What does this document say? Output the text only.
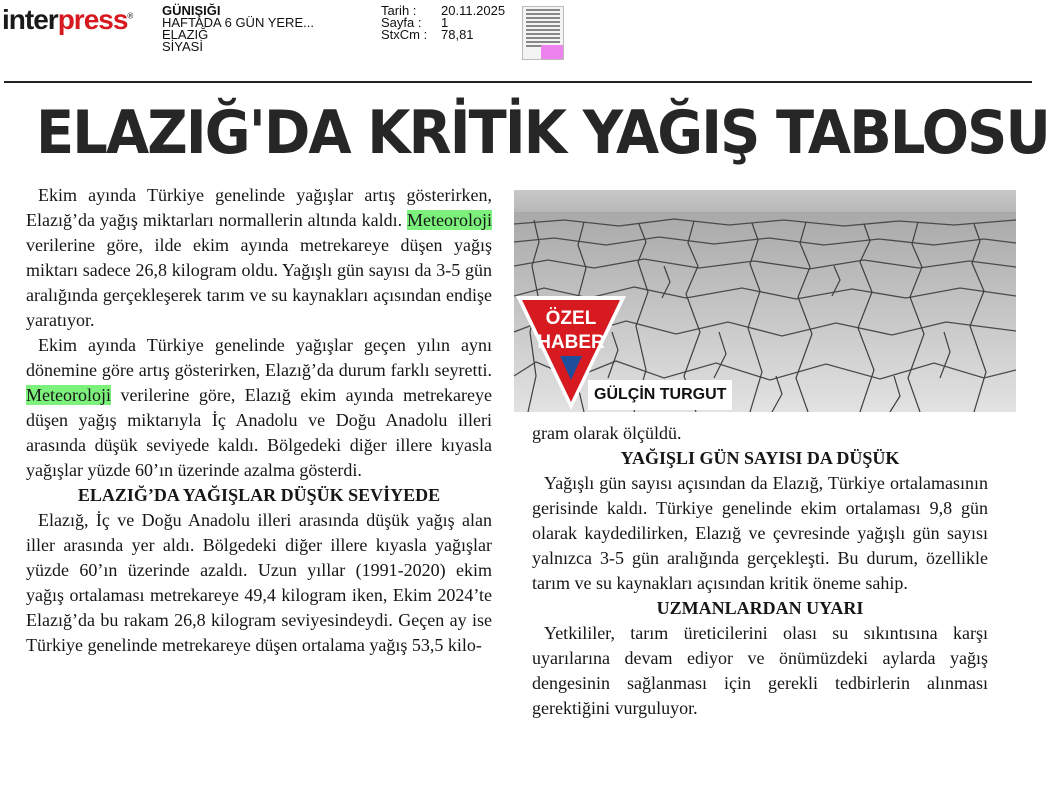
interpress® GÜNIŞIĞI
HAFTADA 6 GÜN YERE...
ELAZIĞ
SİYASİ
Tarih :	20.11.2025
Sayfa :	1
StxCm :	78,81
ELAZIĞ'DA KRİTİK YAĞIŞ TABLOSU

Ekim ayında Türkiye genelinde yağışlar artış gösterirken, Elazığ’da yağış miktarları normallerin altında kaldı. Meteoroloji verilerine göre, ilde ekim ayında metrekareye düşen yağış miktarı sadece 26,8 kilogram oldu. Yağışlı gün sayısı da 3-5 gün aralığında gerçekleşerek tarım ve su kaynakları açısından endişe yaratıyor.

Ekim ayında Türkiye genelinde yağışlar geçen yılın aynı dönemine göre artış gösterirken, Elazığ’da durum farklı seyretti. Meteoroloji verilerine göre, Elazığ ekim ayında metrekareye düşen yağış miktarıyla İç Anadolu ve Doğu Anadolu illeri arasında düşük seviyede kaldı. Bölgedeki diğer illere kıyasla yağışlar yüzde 60’ın üzerinde azalma gösterdi.

ELAZIĞ’DA YAĞIŞLAR DÜŞÜK SEVİYEDE

Elazığ, İç ve Doğu Anadolu illeri arasında düşük yağış alan iller arasında yer aldı. Bölgedeki diğer illere kıyasla yağışlar yüzde 60’ın üzerinde azaldı. Uzun yıllar (1991-2020) ekim yağış ortalaması metrekareye 49,4 kilogram iken, Ekim 2024’te Elazığ’da bu rakam 26,8 kilogram seviyesindeydi. Geçen ay ise Türkiye genelinde metrekareye düşen ortalama yağış 53,5 kilo-

ÖZEL
HABER
GÜLÇİN TURGUT

gram olarak ölçüldü.

YAĞIŞLI GÜN SAYISI DA DÜŞÜK

Yağışlı gün sayısı açısından da Elazığ, Türkiye ortalamasının gerisinde kaldı. Türkiye genelinde ekim ortalaması 9,8 gün olarak kaydedilirken, Elazığ ve çevresinde yağışlı gün sayısı yalnızca 3-5 gün aralığında gerçekleşti. Bu durum, özellikle tarım ve su kaynakları açısından kritik öneme sahip.

UZMANLARDAN UYARI

Yetkililer, tarım üreticilerini olası su sıkıntısına karşı uyarılarına devam ediyor ve önümüzdeki aylarda yağış dengesinin sağlanması için gerekli tedbirlerin alınması gerektiğini vurguluyor.
